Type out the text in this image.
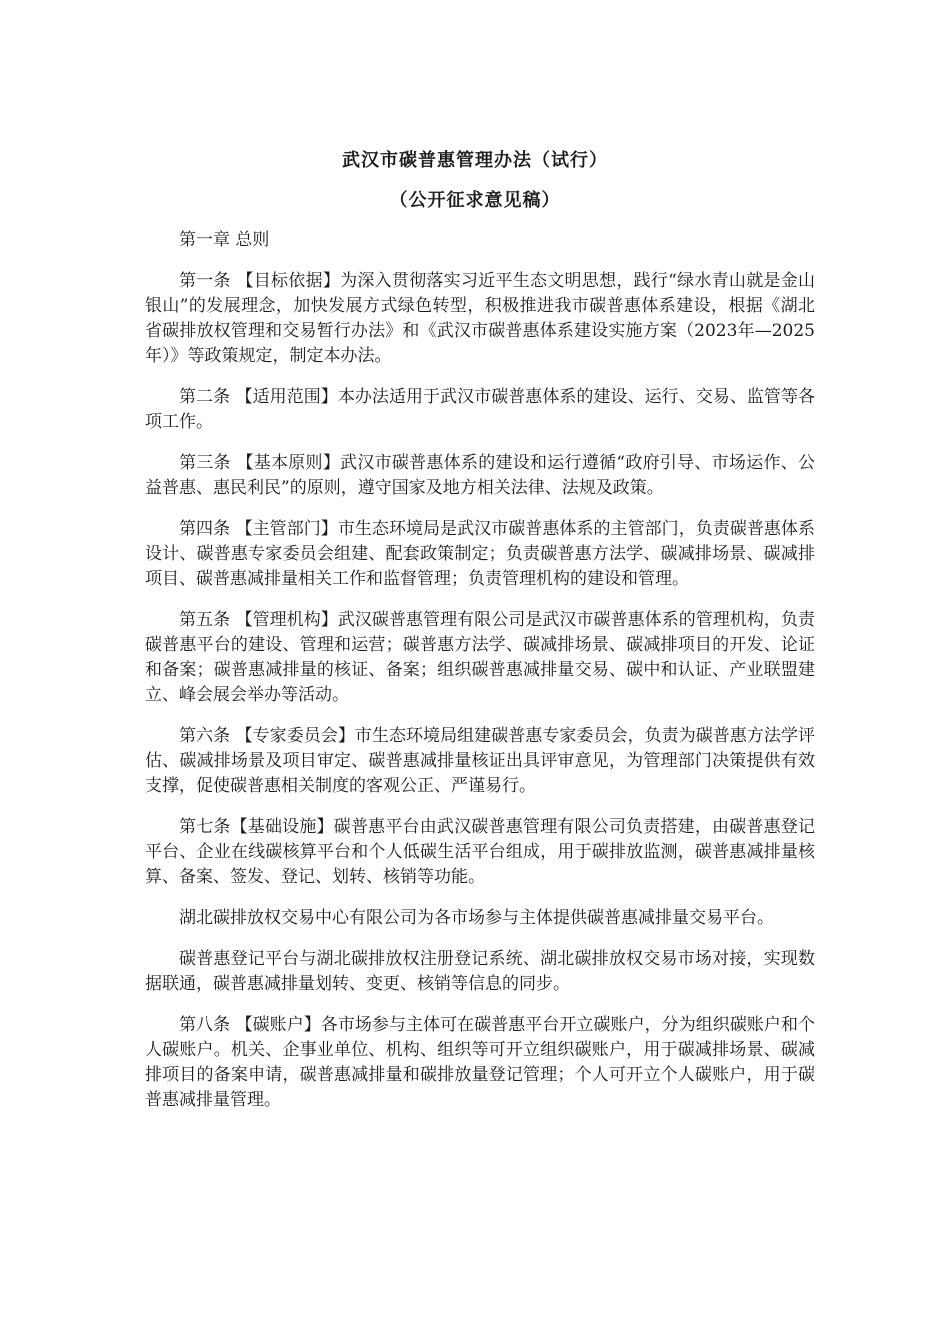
武汉市碳普惠管理办法（试行）
（公开征求意见稿）

第一章 总则

第一条 【目标依据】为深入贯彻落实习近平生态文明思想，践行“绿水青山就是金山银山”的发展理念，加快发展方式绿色转型，积极推进我市碳普惠体系建设，根据《湖北省碳排放权管理和交易暂行办法》和《武汉市碳普惠体系建设实施方案（2023年—2025年）》等政策规定，制定本办法。

第二条 【适用范围】本办法适用于武汉市碳普惠体系的建设、运行、交易、监管等各项工作。

第三条 【基本原则】武汉市碳普惠体系的建设和运行遵循“政府引导、市场运作、公益普惠、惠民利民”的原则，遵守国家及地方相关法律、法规及政策。

第四条 【主管部门】市生态环境局是武汉市碳普惠体系的主管部门，负责碳普惠体系设计、碳普惠专家委员会组建、配套政策制定；负责碳普惠方法学、碳减排场景、碳减排项目、碳普惠减排量相关工作和监督管理；负责管理机构的建设和管理。

第五条 【管理机构】武汉碳普惠管理有限公司是武汉市碳普惠体系的管理机构，负责碳普惠平台的建设、管理和运营；碳普惠方法学、碳减排场景、碳减排项目的开发、论证和备案；碳普惠减排量的核证、备案；组织碳普惠减排量交易、碳中和认证、产业联盟建立、峰会展会举办等活动。

第六条 【专家委员会】市生态环境局组建碳普惠专家委员会，负责为碳普惠方法学评估、碳减排场景及项目审定、碳普惠减排量核证出具评审意见，为管理部门决策提供有效支撑，促使碳普惠相关制度的客观公正、严谨易行。

第七条【基础设施】碳普惠平台由武汉碳普惠管理有限公司负责搭建，由碳普惠登记平台、企业在线碳核算平台和个人低碳生活平台组成，用于碳排放监测，碳普惠减排量核算、备案、签发、登记、划转、核销等功能。

湖北碳排放权交易中心有限公司为各市场参与主体提供碳普惠减排量交易平台。

碳普惠登记平台与湖北碳排放权注册登记系统、湖北碳排放权交易市场对接，实现数据联通，碳普惠减排量划转、变更、核销等信息的同步。

第八条 【碳账户】各市场参与主体可在碳普惠平台开立碳账户，分为组织碳账户和个人碳账户。机关、企事业单位、机构、组织等可开立组织碳账户，用于碳减排场景、碳减排项目的备案申请，碳普惠减排量和碳排放量登记管理；个人可开立个人碳账户，用于碳普惠减排量管理。
